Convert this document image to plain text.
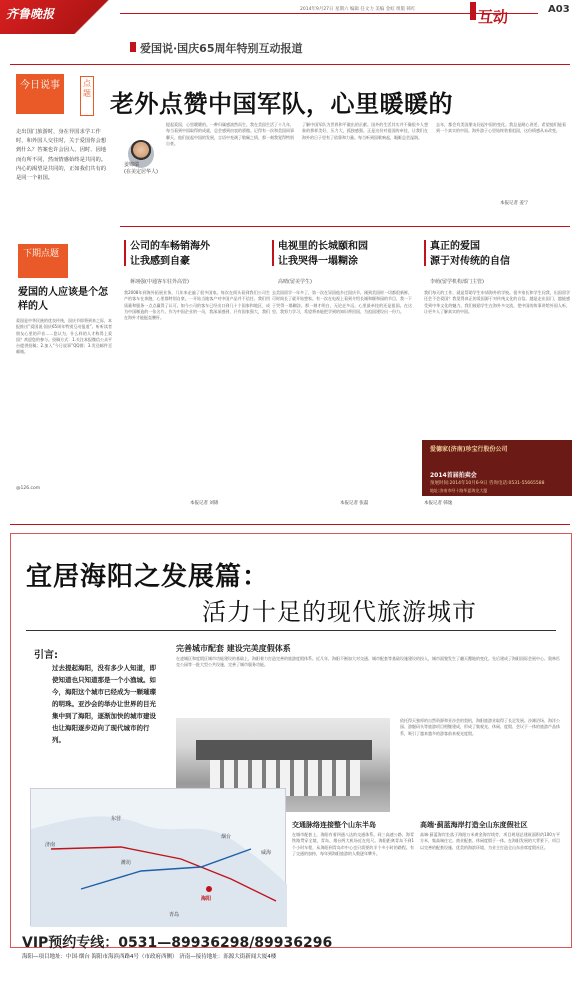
齐鲁晚报	2014年9月27日 星期六 编辑 任文力 美编 金虹 组版 韩红	互动	A03
爱国说·国庆65周年特别互动报道
今日说事	点题 老外点赞中国军队，心里暖暖的
走出国门旅游时，身在异国求学工作时，和外国人交往时，关于爱国你会想到什么？答案也许会因人、因时、因地而有所不同，然而情感始终是共同的。内心的渴望是共同的，正如我们共有的是同一个祖国。
姜锦瑞
(在美定居华人)
提起爱国，心里暖暖的。一种归属感油然而生。我在美国生活了十几年，每当看到中国取得的成就，总会感到由衷的骄傲。记得有一次和美国同事聊天，他们说起中国的发展，言语中充满了敬佩之情，那一刻我觉得特别自豪。
了解中国军队为世界和平做出的贡献。国外的生活其实并不像很多人想象的那样美好，压力大，孤独感强。正是这份对祖国的牵挂，让我们在海外的日子里有了依靠和力量。每当听到国歌响起，眼眶总会湿润。
去年，都会有美国朋友问起中国的变化。我总是耐心讲述，希望他们能看到一个真实的中国。海外游子心里始终装着祖国，这份情感从未改变。
本报记者 姜宁
下期点题
爱国的人应该是个怎样的人
爱国是中华民族的优良传统，国庆节即将到来之际，本报推出“爱国说·国庆65周年特别互动报道”。听听读者朋友心里的声音……您认为，什么样的人才称得上爱国？欢迎您的参与。投稿方式：1.关注本报微信公众平台提供投稿；2.加入“今日说事”QQ群；3.发送邮件至邮箱。
@126.com
公司的车畅销海外
让我感到自豪
蒋翊强(中通客车驻外高管)
我2008年到海外拓展业务，几年来走遍了很多国家。每次在街头看到我们公司生产的客车在奔跑，心里都特别自豪。一开始当地客户对中国产品并不信任，我们用质量和服务一点点赢得了认可。如今公司的客车已经出口到几十个国家和地区，成为中国制造的一张名片。作为中国企业的一员，我深深感到，只有国家强大，我们在海外才能挺直腰杆。
本报记者 刘锦
电视里的长城颐和园
让我哭得一塌糊涂
高晴(留美学生)
去美国留学一年多了，第一次在异国他乡过国庆节。刚到美国时一切都很新鲜，可时间长了就开始想家。有一次在电视上看到介绍长城和颐和园的节目，我一下子哭得一塌糊涂。那一刻才明白，无论走多远，心里最牵挂的还是祖国。在这里，我努力学习，希望将来能把学到的知识带回国，为祖国建设出一份力。
本报记者 张磊
真正的爱国
源于对传统的自信
李萌(留学机构部门主管)
我们每天的工作，就是帮助学生申请海外的学校。很多家长和学生问我，出国留学还会不会爱国？我觉得真正的爱国源于对传统文化的自信。越是走出国门，越能感受到中华文化的魅力。我们鼓励学生在海外多交流，把中国的故事讲给外国人听，让更多人了解真实的中国。
本报记者 韩逸
爱德家(济南)珍宝行股份公司
2014首届拍卖会
预展时间:2014年10月6-9日 咨询电话:0531-55665588
地址:济南市经十路华夏海龙大厦
宜居海阳之发展篇：
活力十足的现代旅游城市
引言:
过去提起海阳，没有多少人知道，即使知道也只知道那是一个小渔城。如今，海阳这个城市已经成为一颗璀璨的明珠。亚沙会的举办让世界的目光集中到了海阳，逐渐加快的城市建设也让海阳逐步迈向了现代城市的行列。
完善城市配套 建设完美度假体系
在凌城区和度假区城市功能建设的基础上，海阳着力打造完善的旅游度假体系。近几年，海阳不断加大对交通、城市配套等基础设施建设的投入，城市面貌发生了翻天覆地的变化。先后建成了海阳国际会展中心、奥林匹克公园等一批大型公共设施，完善了城市服务功能。
依托得天独厚的自然资源和亚沙会的契机，海阳旅游业取得了长足发展。沙滩浴场、海洋公园、游艇码头等旅游项目相继建成，形成了集观光、休闲、度假、会议于一体的旅游产品体系，吸引了越来越多的游客前来观光度假。
济南
海阳
青岛
烟台
威海
东营
潍坊
交通脉络连接整个山东半岛
在城市配套上，海阳有着四通八达的交通体系。同三高速公路、海青铁路贯穿全境，青岛、烟台两大机场近在咫尺。海阳距离青岛不到1个小时车程，从海阳到青岛市中心也只需要约半个多小时的路程。有了交通的加持，每年到海阳旅游的人数逐年攀升。
高端·蓟蓝海岸打造全山东度假社区
高端·蓟蓝海岸坐落于海阳万米黄金海岸线旁，项目规划总建筑面积约100万平方米，集高端住宅、商业配套、休闲度假于一体。在海阳发展的大背景下，项目以完善的配套设施、优美的海滨环境，为业主打造全山东首席度假社区。
VIP预约专线：0531—89936298/89936296
海阳—项目地址：中国·烟台 海阳市海滨西路4号（市政府西侧） 济南—接待地址：泺源大街新闻大厦4楼
